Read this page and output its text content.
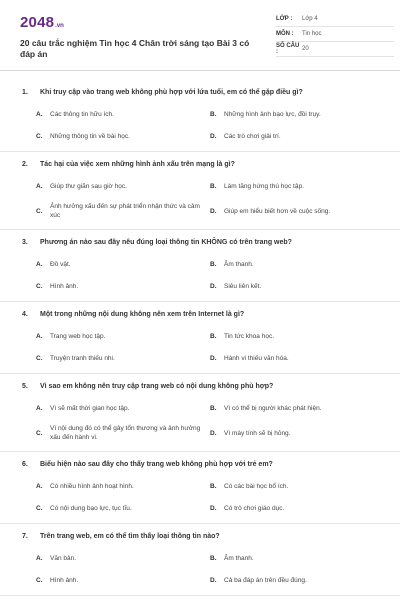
2048.vn
20 câu trắc nghiệm Tin học 4 Chân trời sáng tạo Bài 3 có đáp án
LỚP :	Lớp 4
MÔN :	Tin học
SỐ CÂU :	20
1.	Khi truy cập vào trang web không phù hợp với lứa tuổi, em có thể gặp điều gì?
A.	Các thông tin hữu ích.	B.	Những hình ảnh bạo lực, đồi trụy.
C.	Những thông tin về bài học.	D.	Các trò chơi giải trí.
2.	Tác hại của việc xem những hình ảnh xấu trên mạng là gì?
A.	Giúp thư giãn sau giờ học.	B.	Làm tăng hứng thú học tập.
C.
Ảnh hưởng xấu đến sự phát triển nhận thức và cảm xúc
D.	Giúp em hiểu biết hơn về cuộc sống.
3.	Phương án nào sau đây nêu đúng loại thông tin KHÔNG có trên trang web?
A.	Đồ vật.	B.	Âm thanh.
C.	Hình ảnh.	D.	Siêu liên kết.
4.	Một trong những nội dung không nên xem trên Internet là gì?
A.	Trang web học tập.	B.	Tin tức khoa học.
C.	Truyện tranh thiếu nhi.	D.	Hành vi thiếu văn hóa.
5.	Vì sao em không nên truy cập trang web có nội dung không phù hợp?
A.	Vì sẽ mất thời gian học tập.	B.	Vì có thể bị người khác phát hiện.
C.
Vì nội dung đó có thể gây tổn thương và ảnh hưởng xấu đến hành vi.
D.	Vì máy tính sẽ bị hỏng.
6.	Biểu hiện nào sau đây cho thấy trang web không phù hợp với trẻ em?
A.	Có nhiều hình ảnh hoạt hình.	B.	Có các bài học bổ ích.
C.	Có nội dung bạo lực, tục tĩu.	D.	Có trò chơi giáo dục.
7.	Trên trang web, em có thể tìm thấy loại thông tin nào?
A.	Văn bản.	B.	Âm thanh.
C.	Hình ảnh.	D.	Cả ba đáp án trên đều đúng.
